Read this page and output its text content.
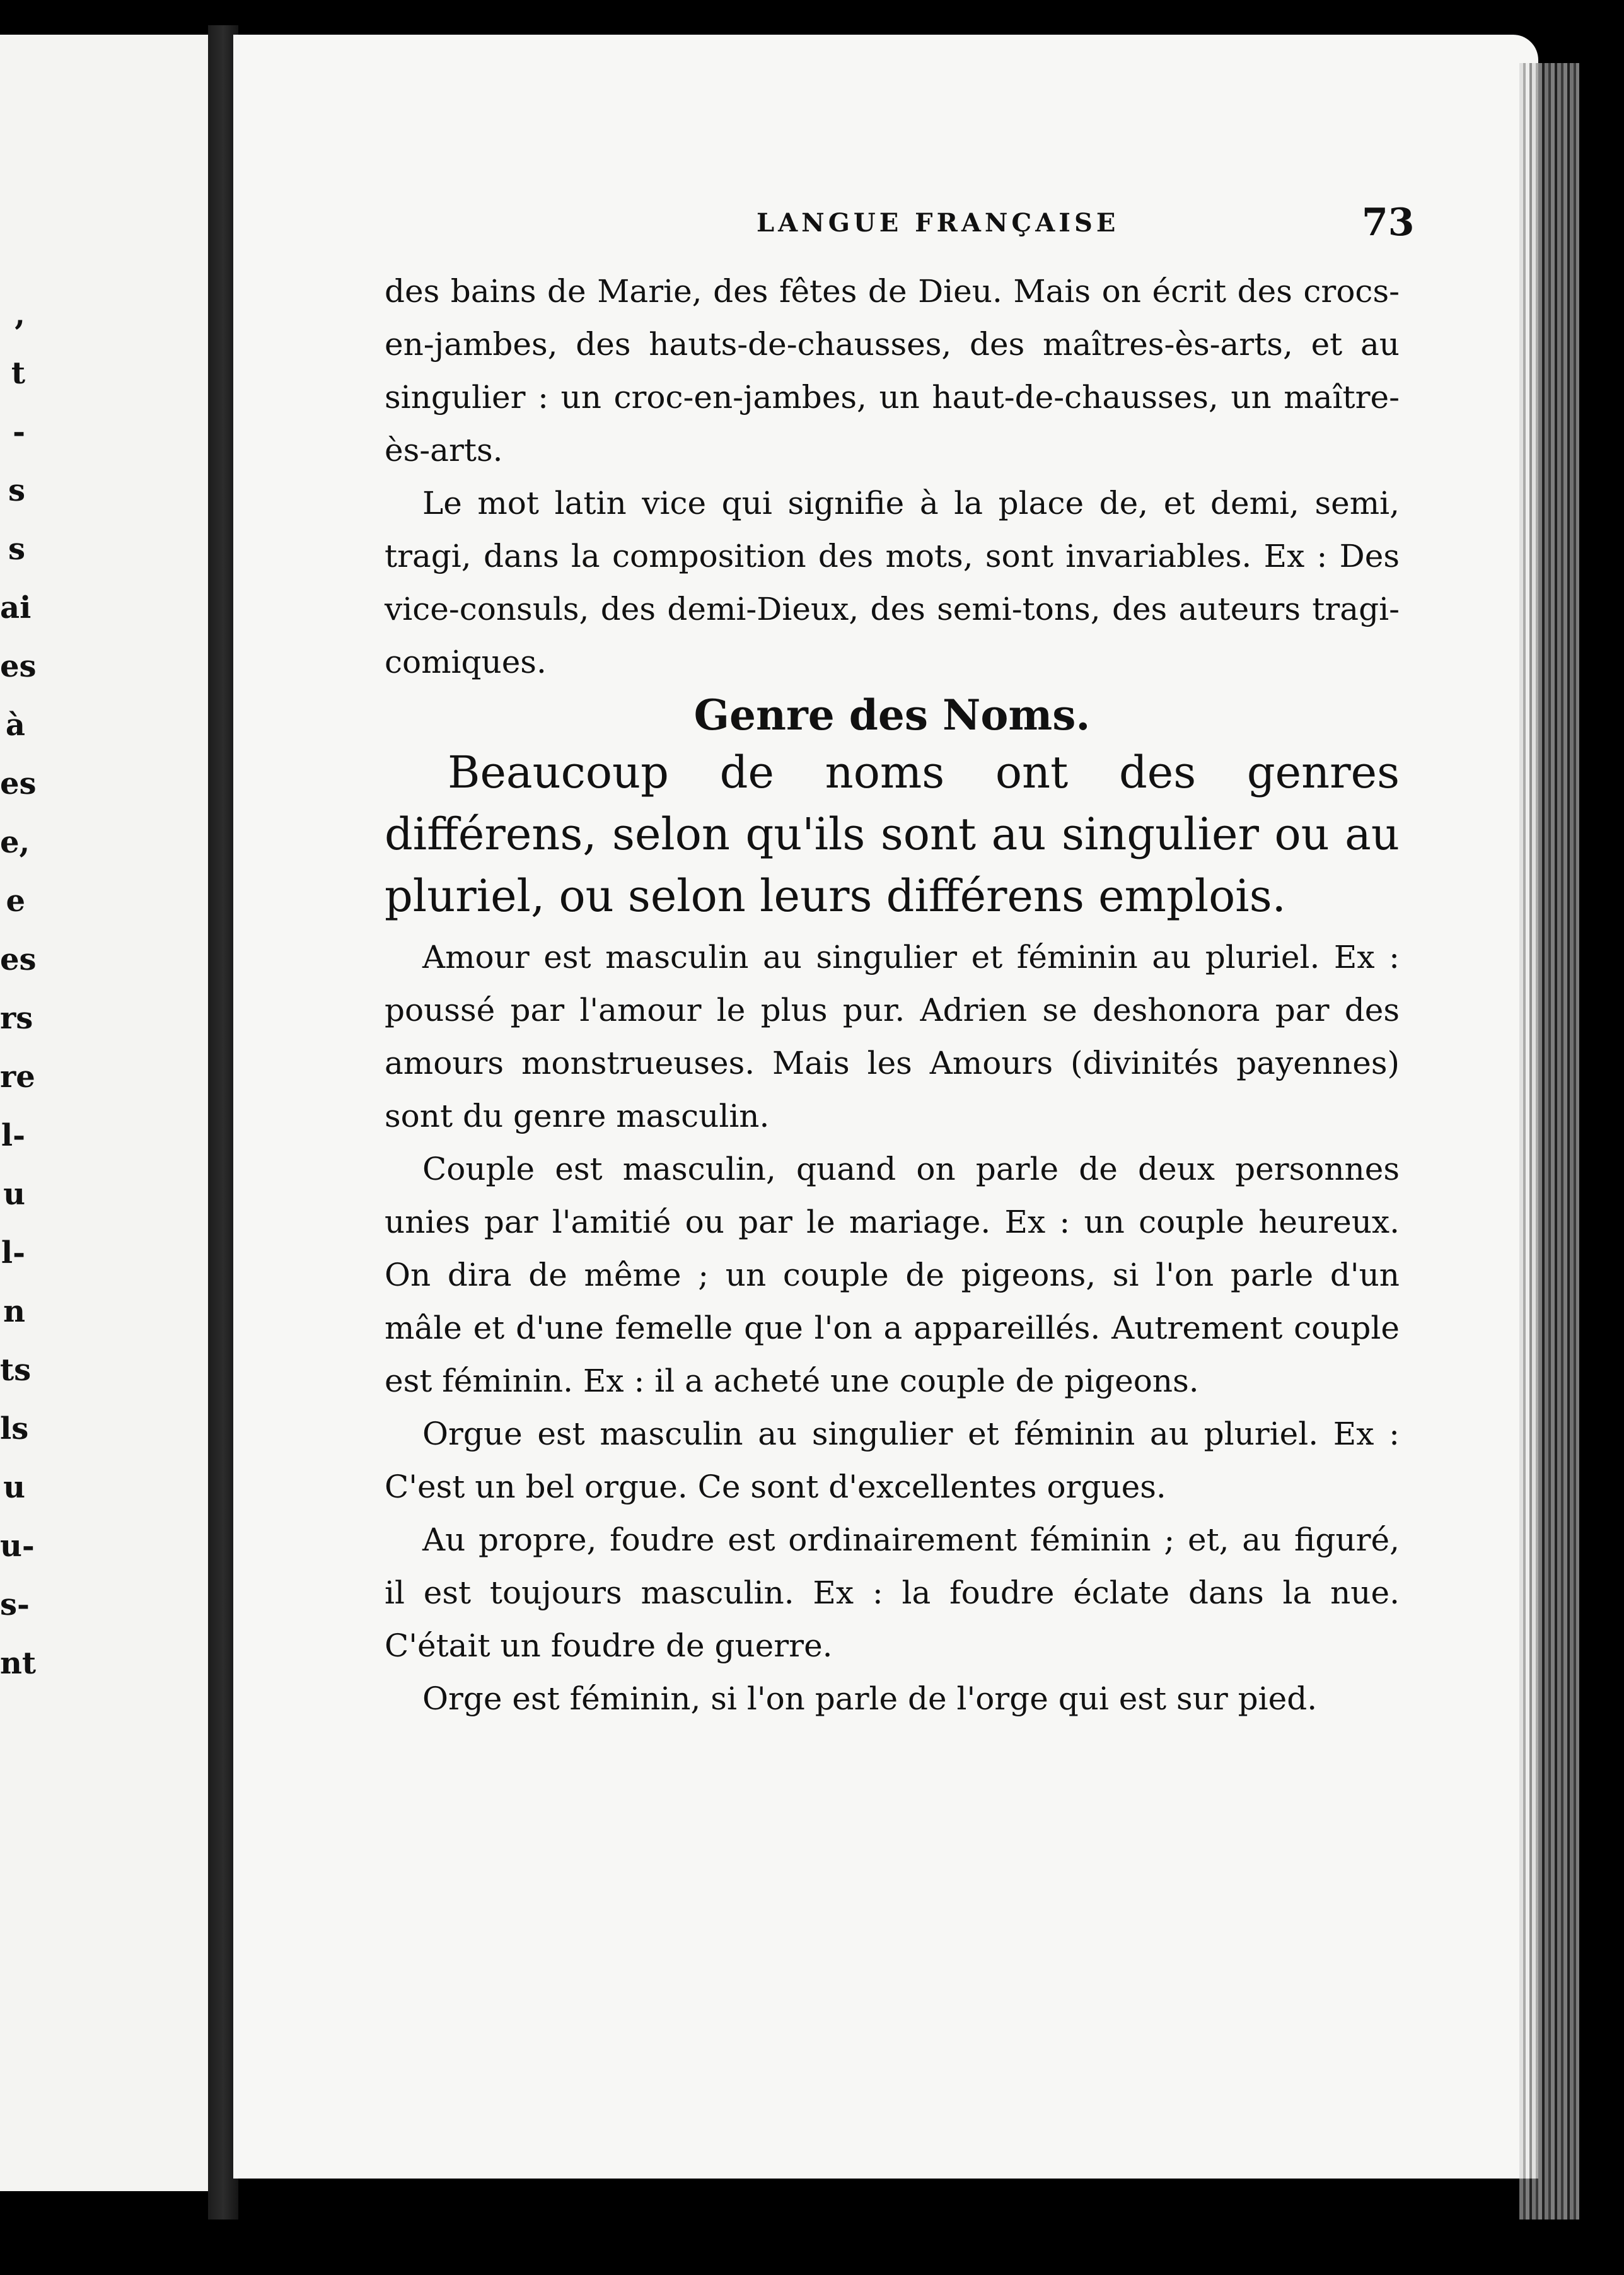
,
t
-
s
s
ai
es
à
es
e,
e
es
rs
re
l-
u
l-
n
ts
ls
u
u-
s-
nt
LANGUE FRANÇAISE	73

des bains de Marie, des fêtes de Dieu. Mais on écrit des crocs-en-jambes, des hauts-de-chausses, des maîtres-ès-arts, et au singulier : un croc-en-jambes, un haut-de-chausses, un maître-ès-arts.

Le mot latin vice qui signifie à la place de, et demi, semi, tragi, dans la composition des mots, sont invariables. Ex : Des vice-consuls, des demi-Dieux, des semi-tons, des auteurs tragi-comiques.

Genre des Noms.

Beaucoup de noms ont des genres différens, selon qu'ils sont au singulier ou au pluriel, ou selon leurs différens emplois.

Amour est masculin au singulier et féminin au pluriel. Ex : poussé par l'amour le plus pur. Adrien se deshonora par des amours monstrueuses. Mais les Amours (divinités payennes) sont du genre masculin.

Couple est masculin, quand on parle de deux personnes unies par l'amitié ou par le mariage. Ex : un couple heureux. On dira de même ; un couple de pigeons, si l'on parle d'un mâle et d'une femelle que l'on a appareillés. Autrement couple est féminin. Ex : il a acheté une couple de pigeons.

Orgue est masculin au singulier et féminin au pluriel. Ex : C'est un bel orgue. Ce sont d'excellentes orgues.

Au propre, foudre est ordinairement féminin ; et, au figuré, il est toujours masculin. Ex : la foudre éclate dans la nue. C'était un foudre de guerre.

Orge est féminin, si l'on parle de l'orge qui est sur pied.
